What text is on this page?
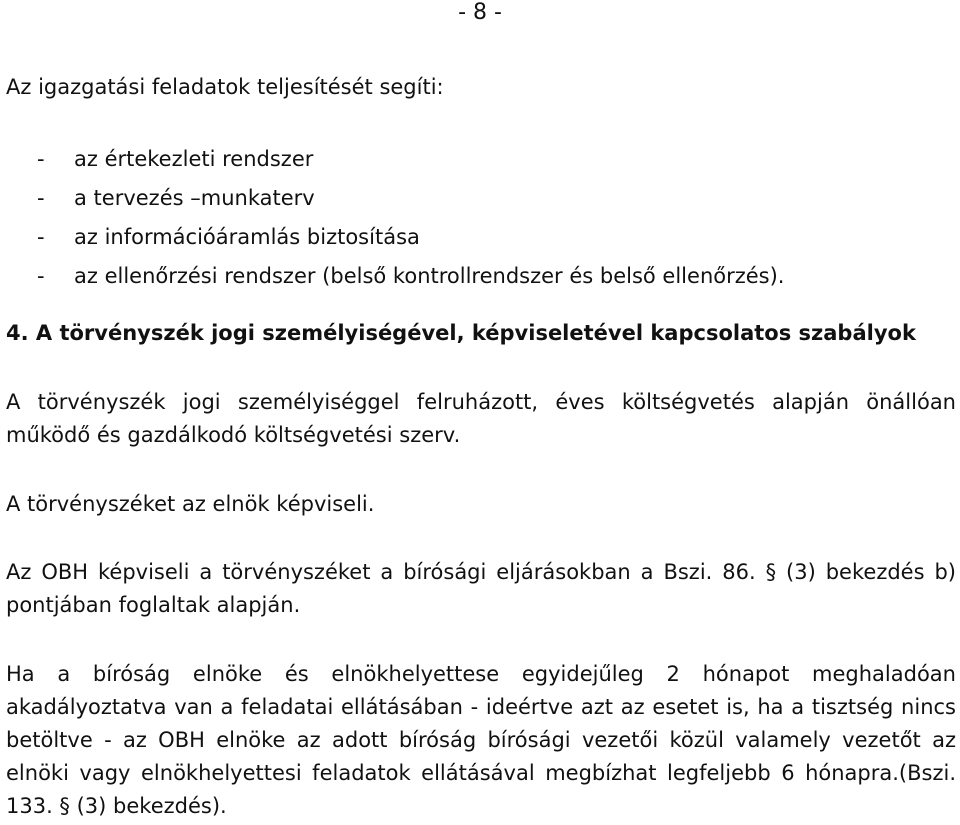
- 8 -

Az igazgatási feladatok teljesítését segíti:

-	az értekezleti rendszer
-	a tervezés –munkaterv
-	az információáramlás biztosítása
-	az ellenőrzési rendszer (belső kontrollrendszer és belső ellenőrzés).
4. A törvényszék jogi személyiségével, képviseletével kapcsolatos szabályok

A törvényszék jogi személyiséggel felruházott, éves költségvetés alapján önállóan működő és gazdálkodó költségvetési szerv.

A törvényszéket az elnök képviseli.

Az OBH képviseli a törvényszéket a bírósági eljárásokban a Bszi. 86. § (3) bekezdés b) pontjában foglaltak alapján.

Ha a bíróság elnöke és elnökhelyettese egyidejűleg 2 hónapot meghaladóan akadályoztatva van a feladatai ellátásában - ideértve azt az esetet is, ha a tisztség nincs betöltve - az OBH elnöke az adott bíróság bírósági vezetői közül valamely vezetőt az elnöki vagy elnökhelyettesi feladatok ellátásával megbízhat legfeljebb 6 hónapra.(Bszi. 133. § (3) bekezdés).
